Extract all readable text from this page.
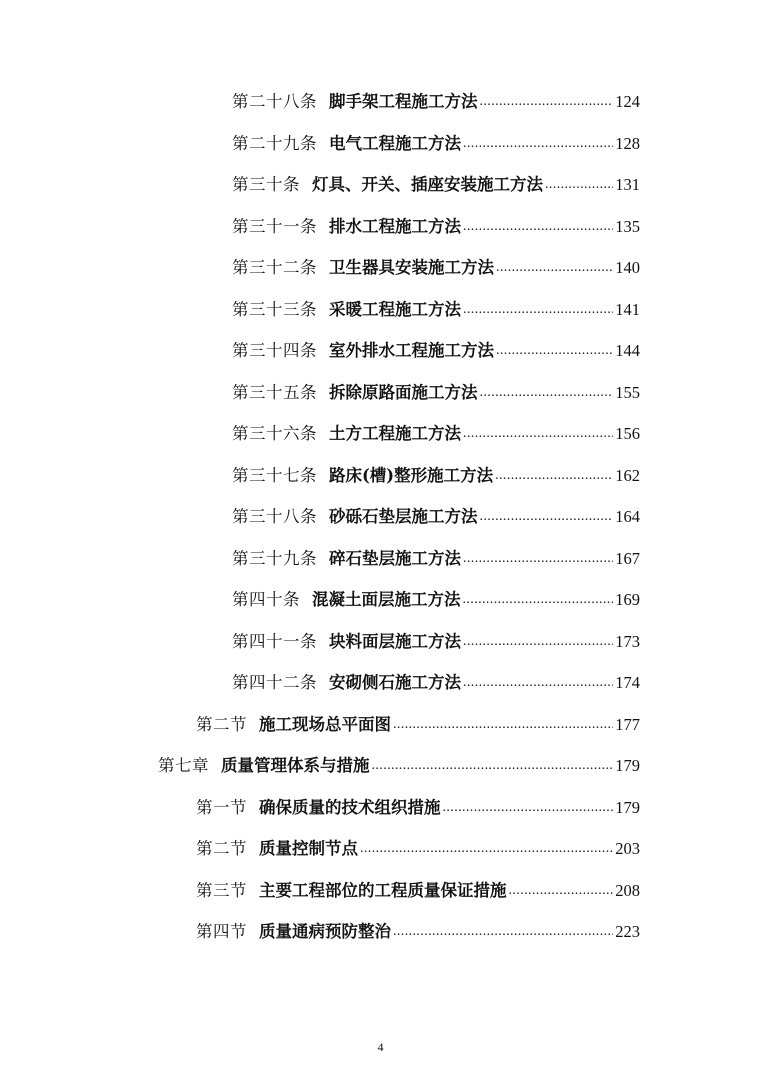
第二十八条 脚手架工程施工方法 .....	124
第二十九条 电气工程施工方法 .....	128
第三十条 灯具、开关、插座安装施工方法 .....	131
第三十一条 排水工程施工方法 .....	135
第三十二条 卫生器具安装施工方法 .....	140
第三十三条 采暖工程施工方法 .....	141
第三十四条 室外排水工程施工方法 .....	144
第三十五条 拆除原路面施工方法 .....	155
第三十六条 土方工程施工方法 .....	156
第三十七条 路床(槽)整形施工方法 .....	162
第三十八条 砂砾石垫层施工方法 .....	164
第三十九条 碎石垫层施工方法 .....	167
第四十条 混凝土面层施工方法 .....	169
第四十一条 块料面层施工方法 .....	173
第四十二条 安砌侧石施工方法 .....	174
第二节 施工现场总平面图 .....	177
第七章 质量管理体系与措施 .....	179
第一节 确保质量的技术组织措施 .....	179
第二节 质量控制节点 .....	203
第三节 主要工程部位的工程质量保证措施 .....	208
第四节 质量通病预防整治 .....	223
4
